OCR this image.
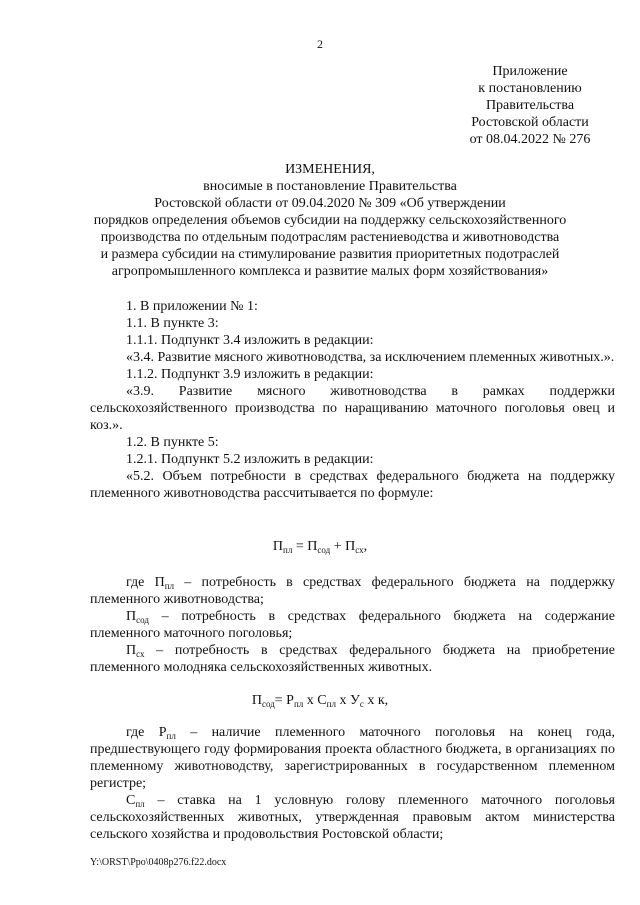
2
Приложение
к постановлению
Правительства
Ростовской области
от 08.04.2022 № 276
ИЗМЕНЕНИЯ,
вносимые в постановление Правительства
Ростовской области от 09.04.2020 № 309 «Об утверждении
порядков определения объемов субсидии на поддержку сельскохозяйственного
производства по отдельным подотраслям растениеводства и животноводства
и размера субсидии на стимулирование развития приоритетных подотраслей
агропромышленного комплекса и развитие малых форм хозяйствования»
1. В приложении № 1:
1.1. В пункте 3:
1.1.1. Подпункт 3.4 изложить в редакции:
«3.4. Развитие мясного животноводства, за исключением племенных животных.».
1.1.2. Подпункт 3.9 изложить в редакции:
«3.9. Развитие мясного животноводства в рамках поддержки сельскохозяйственного производства по наращиванию маточного поголовья овец и коз.».
1.2. В пункте 5:
1.2.1. Подпункт 5.2 изложить в редакции:
«5.2. Объем потребности в средствах федерального бюджета на поддержку племенного животноводства рассчитывается по формуле:
$П_{пл} = П_{сод} + П_{сх}$,
где $П_{пл}$ – потребность в средствах федерального бюджета на поддержку племенного животноводства;
$П_{сод}$ – потребность в средствах федерального бюджета на содержание племенного маточного поголовья;
$П_{сх}$ – потребность в средствах федерального бюджета на приобретение племенного молодняка сельскохозяйственных животных.
$П_{сод}= Р_{пл}$ х $С_{пл}$ х $У_с$ х к,
где $Р_{пл}$ – наличие племенного маточного поголовья на конец года, предшествующего году формирования проекта областного бюджета, в организациях по племенному животноводству, зарегистрированных в государственном племенном регистре;
$С_{пл}$ – ставка на 1 условную голову племенного маточного поголовья сельскохозяйственных животных, утвержденная правовым актом министерства сельского хозяйства и продовольствия Ростовской области;
Y:\ORST\Ppo\0408p276.f22.docx
